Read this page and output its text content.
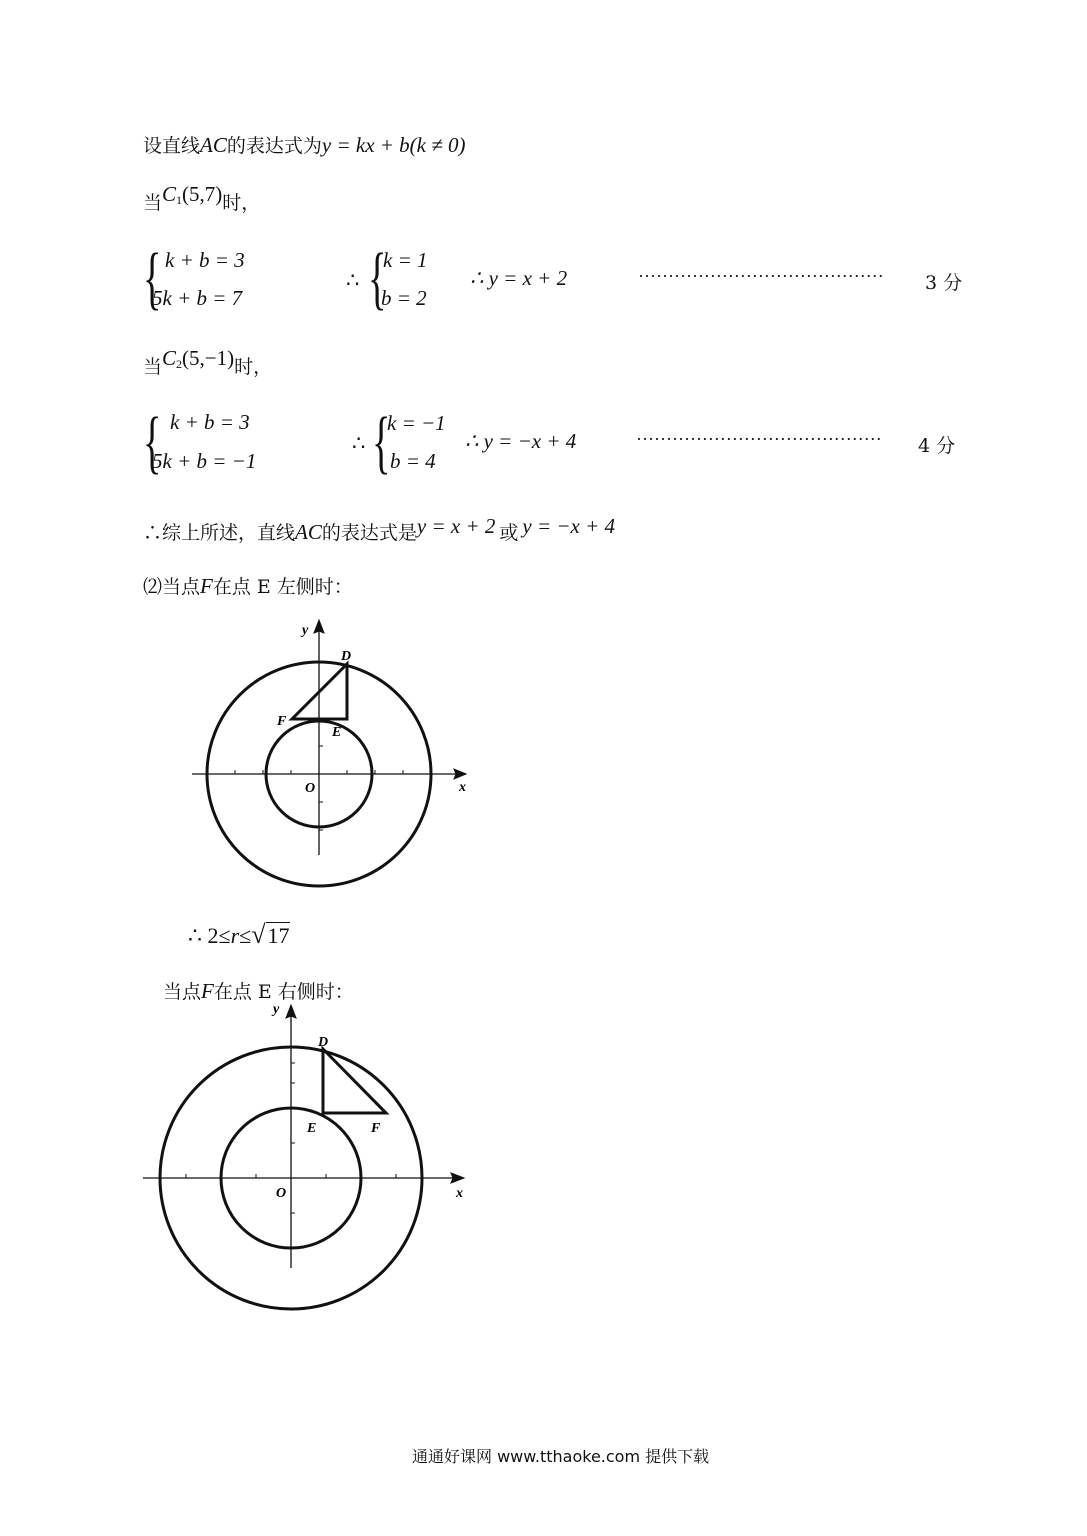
设直线AC的表达式为y = kx + b(k ≠ 0)
当$C^1(5,7)$时，
{ k + b = 3
5k + b = 7
∴ {
k = 1
b = 2
∴ y = x + 2	········································· 3 分
当$C^2(5,-1)$时，
{ k + b = 3
5k + b = −1
∴ {
k = −1
b = 4
∴ y = −x + 4	········································· 4 分
∴综上所述，直线AC的表达式是y = x + 2 或 y = −x + 4
⑵当点F在点 E 左侧时：
x
y
O
D
E
F
∴ 2≤r≤√17
当点F在点 E 右侧时：
x
y
O
D
E	F
通通好课网 www.tthaoke.com 提供下载
